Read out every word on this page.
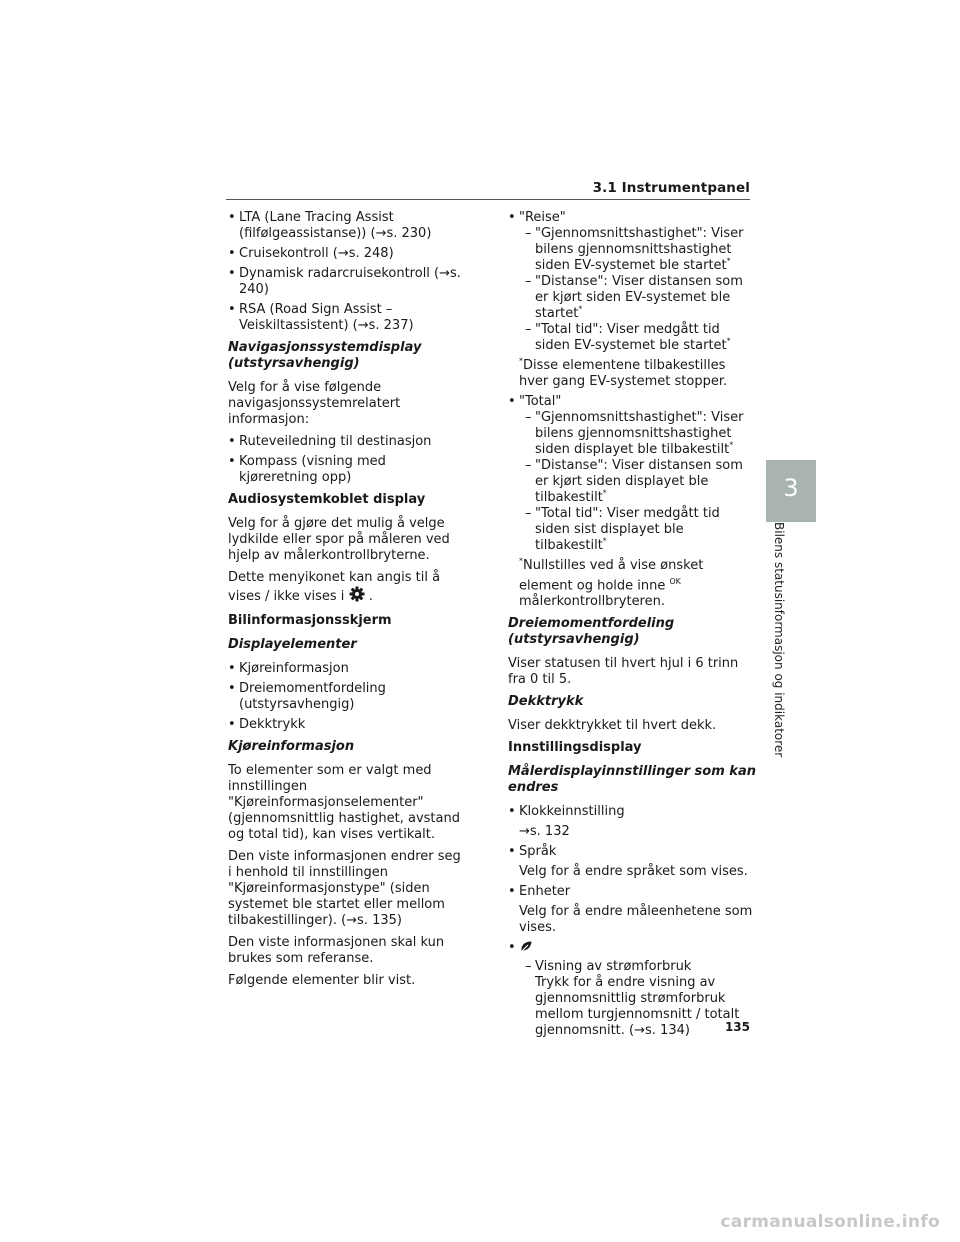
3.1 Instrumentpanel
• LTA (Lane Tracing Assist (filfølgeassistanse)) (→s. 230)
• Cruisekontroll (→s. 248)
• Dynamisk radarcruisekontroll (→s. 240)
• RSA (Road Sign Assist – Veiskiltassistent) (→s. 237)
Navigasjonssystemdisplay (utstyrsavhengig)
Velg for å vise følgende navigasjonssystemrelatert informasjon:
• Ruteveiledning til destinasjon
• Kompass (visning med kjøreretning opp)
Audiosystemkoblet display
Velg for å gjøre det mulig å velge lydkilde eller spor på måleren ved hjelp av målerkontrollbryterne.
Dette menyikonet kan angis til å vises / ikke vises i .
Bilinformasjonsskjerm
Displayelementer
• Kjøreinformasjon
• Dreiemomentfordeling (utstyrsavhengig)
• Dekktrykk
Kjøreinformasjon
To elementer som er valgt med innstillingen "Kjøreinformasjonselementer" (gjennomsnittlig hastighet, avstand og total tid), kan vises vertikalt.
Den viste informasjonen endrer seg i henhold til innstillingen "Kjøreinformasjonstype" (siden systemet ble startet eller mellom tilbakestillinger). (→s. 135)
Den viste informasjonen skal kun brukes som referanse.
Følgende elementer blir vist.
• "Reise"
– "Gjennomsnittshastighet": Viser bilens gjennomsnittshastighet siden EV-systemet ble startet*
– "Distanse": Viser distansen som er kjørt siden EV-systemet ble startet*
– "Total tid": Viser medgått tid siden EV-systemet ble startet*
*Disse elementene tilbakestilles hver gang EV-systemet stopper.
• "Total"
– "Gjennomsnittshastighet": Viser bilens gjennomsnittshastighet siden displayet ble tilbakestilt*
– "Distanse": Viser distansen som er kjørt siden displayet ble tilbakestilt*
– "Total tid": Viser medgått tid siden sist displayet ble tilbakestilt*
*Nullstilles ved å vise ønsket element og holde inne $^{OK}$
målerkontrollbryteren.
Dreiemomentfordeling (utstyrsavhengig)
Viser statusen til hvert hjul i 6 trinn fra 0 til 5.
Dekktrykk
Viser dekktrykket til hvert dekk.
Innstillingsdisplay
Målerdisplayinnstillinger som kan endres
• Klokkeinnstilling
→s. 132
• Språk
Velg for å endre språket som vises.
• Enheter
Velg for å endre måleenhetene som vises.
•
– Visning av strømforbruk
Trykk for å endre visning av gjennomsnittlig strømforbruk mellom turgjennomsnitt / totalt gjennomsnitt. (→s. 134)
3
Bilens statusinformasjon og indikatorer
135
carmanualsonline.info
